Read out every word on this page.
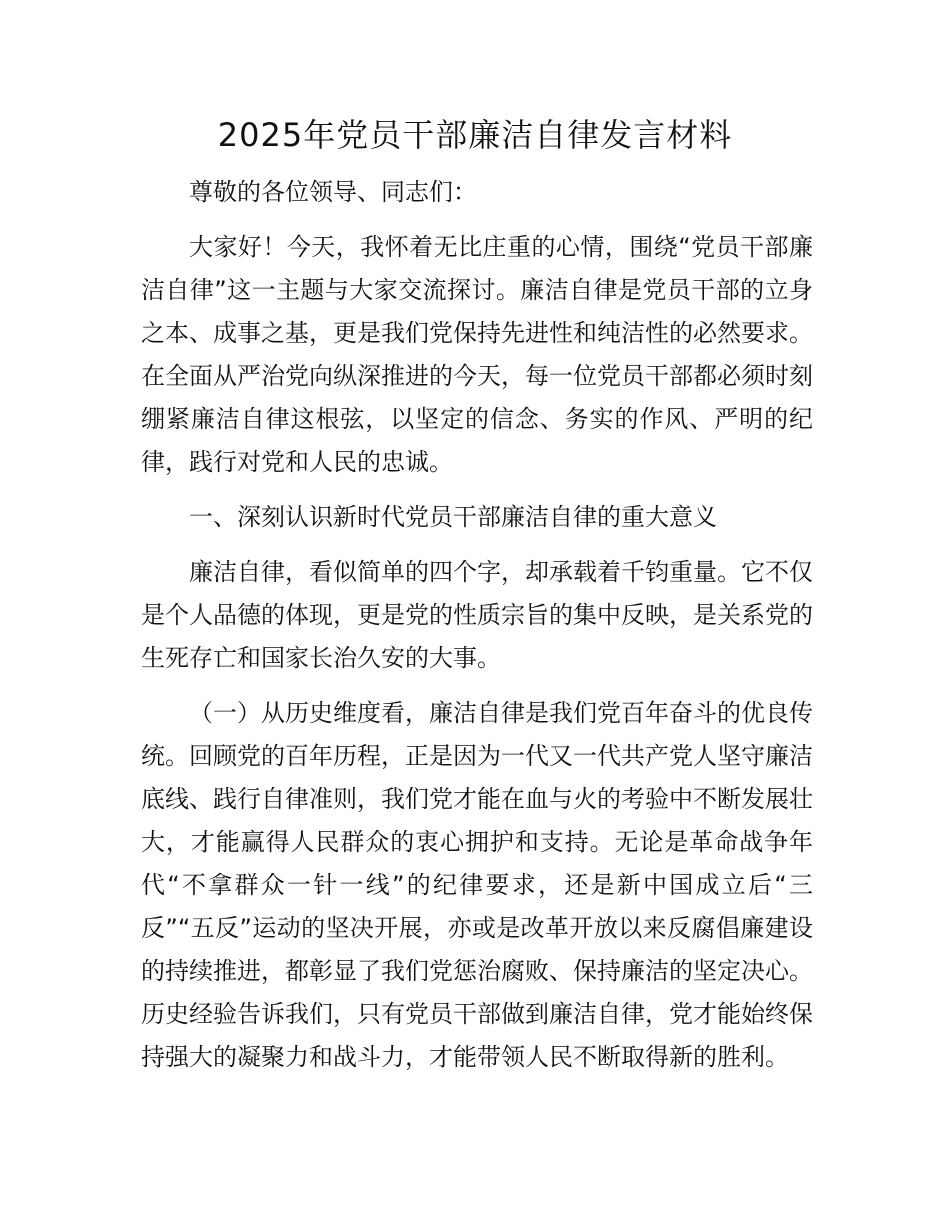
2025年党员干部廉洁自律发言材料

尊敬的各位领导、同志们：

大家好！今天，我怀着无比庄重的心情，围绕“党员干部廉洁自律”这一主题与大家交流探讨。廉洁自律是党员干部的立身之本、成事之基，更是我们党保持先进性和纯洁性的必然要求。在全面从严治党向纵深推进的今天，每一位党员干部都必须时刻绷紧廉洁自律这根弦，以坚定的信念、务实的作风、严明的纪律，践行对党和人民的忠诚。

一、深刻认识新时代党员干部廉洁自律的重大意义

廉洁自律，看似简单的四个字，却承载着千钧重量。它不仅是个人品德的体现，更是党的性质宗旨的集中反映，是关系党的生死存亡和国家长治久安的大事。

（一）从历史维度看，廉洁自律是我们党百年奋斗的优良传统。回顾党的百年历程，正是因为一代又一代共产党人坚守廉洁底线、践行自律准则，我们党才能在血与火的考验中不断发展壮大，才能赢得人民群众的衷心拥护和支持。无论是革命战争年代“不拿群众一针一线”的纪律要求，还是新中国成立后“三反”“五反”运动的坚决开展，亦或是改革开放以来反腐倡廉建设的持续推进，都彰显了我们党惩治腐败、保持廉洁的坚定决心。历史经验告诉我们，只有党员干部做到廉洁自律，党才能始终保持强大的凝聚力和战斗力，才能带领人民不断取得新的胜利。
